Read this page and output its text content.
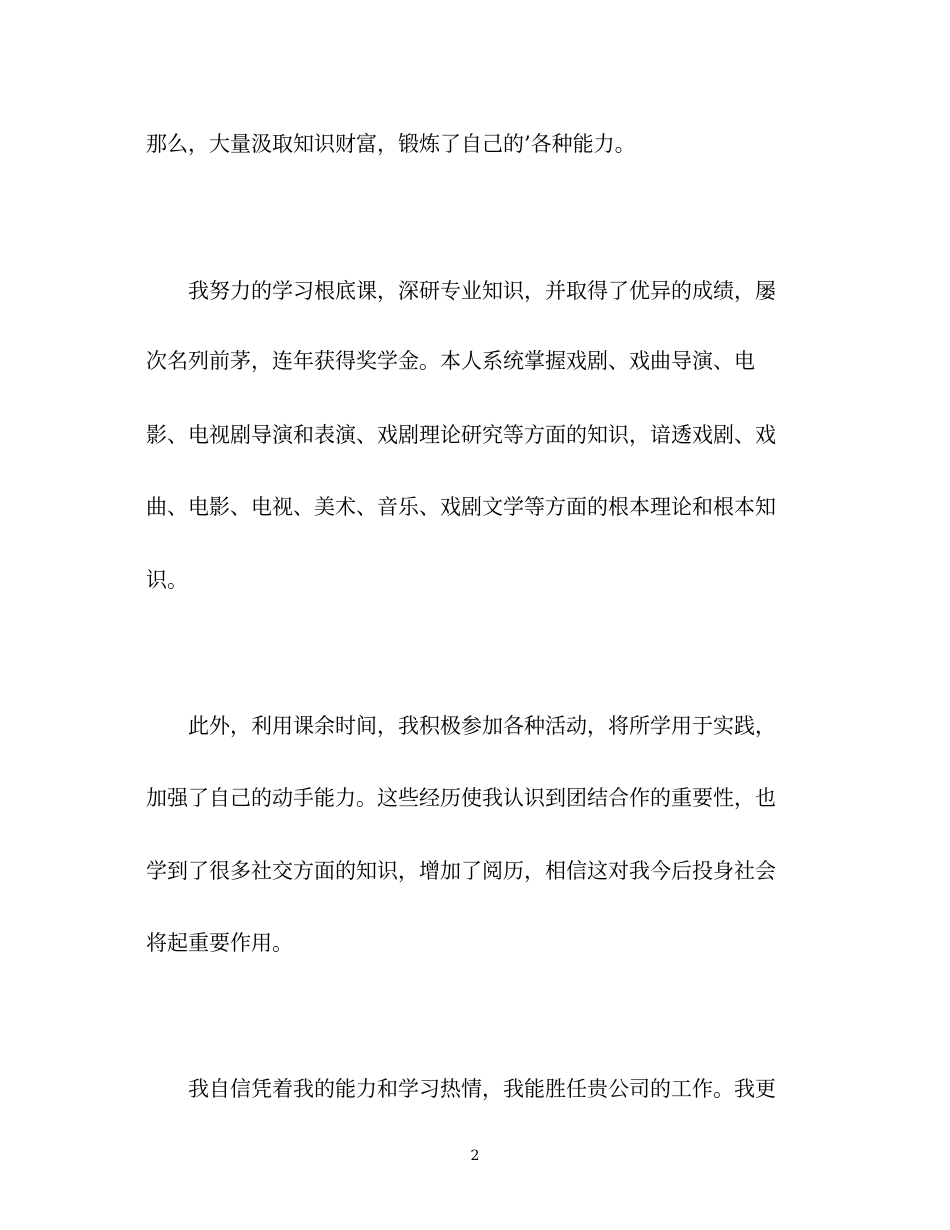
那么，大量汲取知识财富，锻炼了自己的’各种能力。
我努力的学习根底课，深研专业知识，并取得了优异的成绩，屡
次名列前茅，连年获得奖学金。本人系统掌握戏剧、戏曲导演、电
影、电视剧导演和表演、戏剧理论研究等方面的知识，谙透戏剧、戏
曲、电影、电视、美术、音乐、戏剧文学等方面的根本理论和根本知
识。
此外，利用课余时间，我积极参加各种活动，将所学用于实践，
加强了自己的动手能力。这些经历使我认识到团结合作的重要性，也
学到了很多社交方面的知识，增加了阅历，相信这对我今后投身社会
将起重要作用。
我自信凭着我的能力和学习热情，我能胜任贵公司的工作。我更
2
